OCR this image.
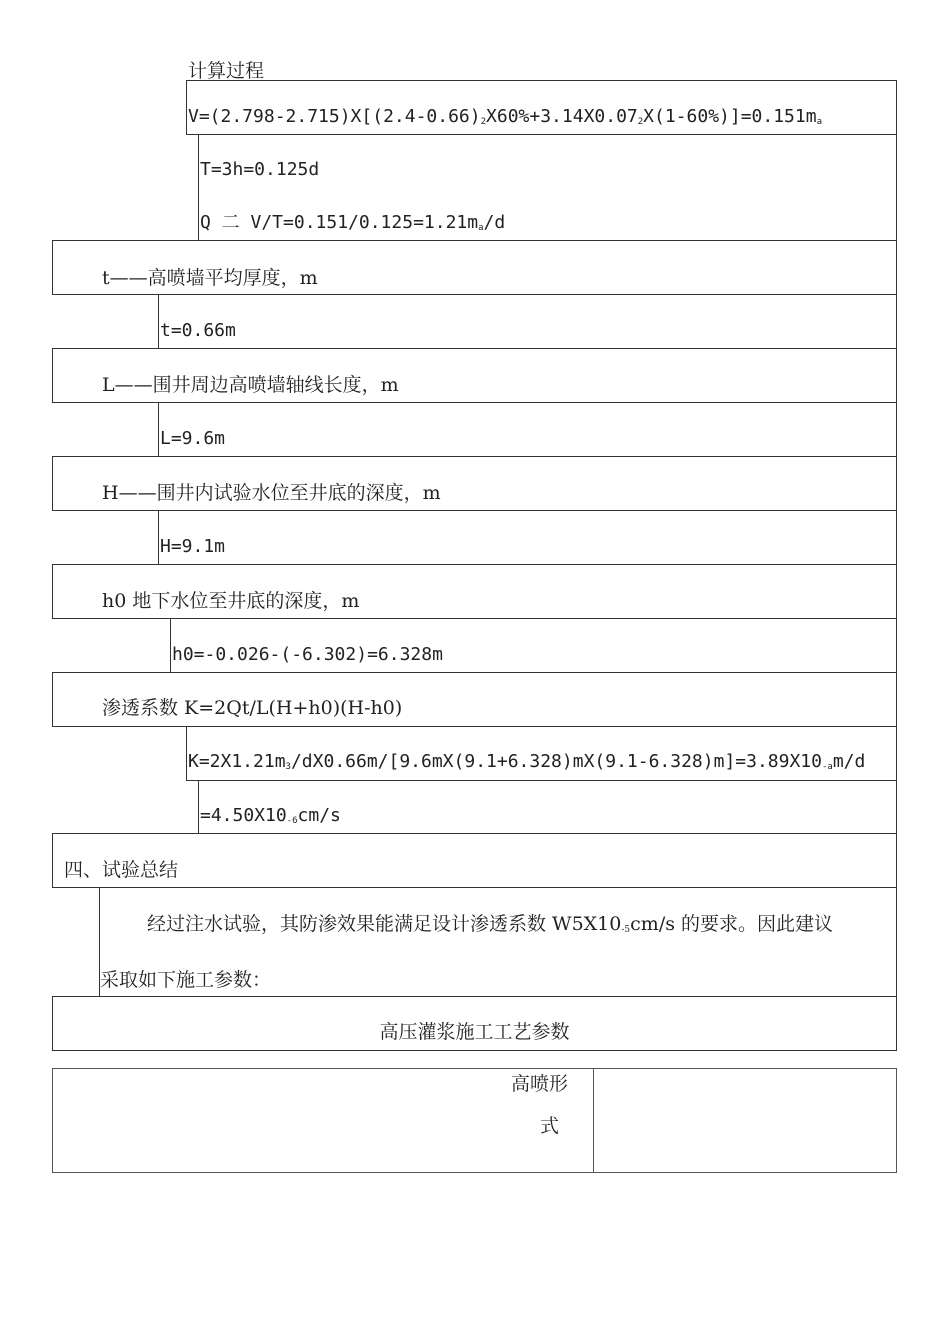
计算过程
$V=(2.798-2.715)X[(2.4-0.66)_2X60\%+3.14X0.07_2X(1-60\%)]=0.151m_a$
T=3h=0.125d
Q 二 $V/T=0.151/0.125=1.21m_a/d$
t——高喷墙平均厚度，m
t=0.66m
L——围井周边高喷墙轴线长度，m
L=9.6m
H——围井内试验水位至井底的深度，m
H=9.1m
h0 地下水位至井底的深度，m
h0=-0.026-(-6.302)=6.328m
渗透系数 K=2Qt/L(H+h0)(H-h0)
$K=2X1.21m_3/dX0.66m/[9.6mX(9.1+6.328)mX(9.1-6.328)m]=3.89X10_{-a}m/d$
$=4.50X10_{-6}cm/s$
四、试验总结
经过注水试验，其防渗效果能满足设计渗透系数 $W5X10_{-5}cm/s$ 的要求。因此建议
采取如下施工参数：
高压灌浆施工工艺参数
高喷形
式
